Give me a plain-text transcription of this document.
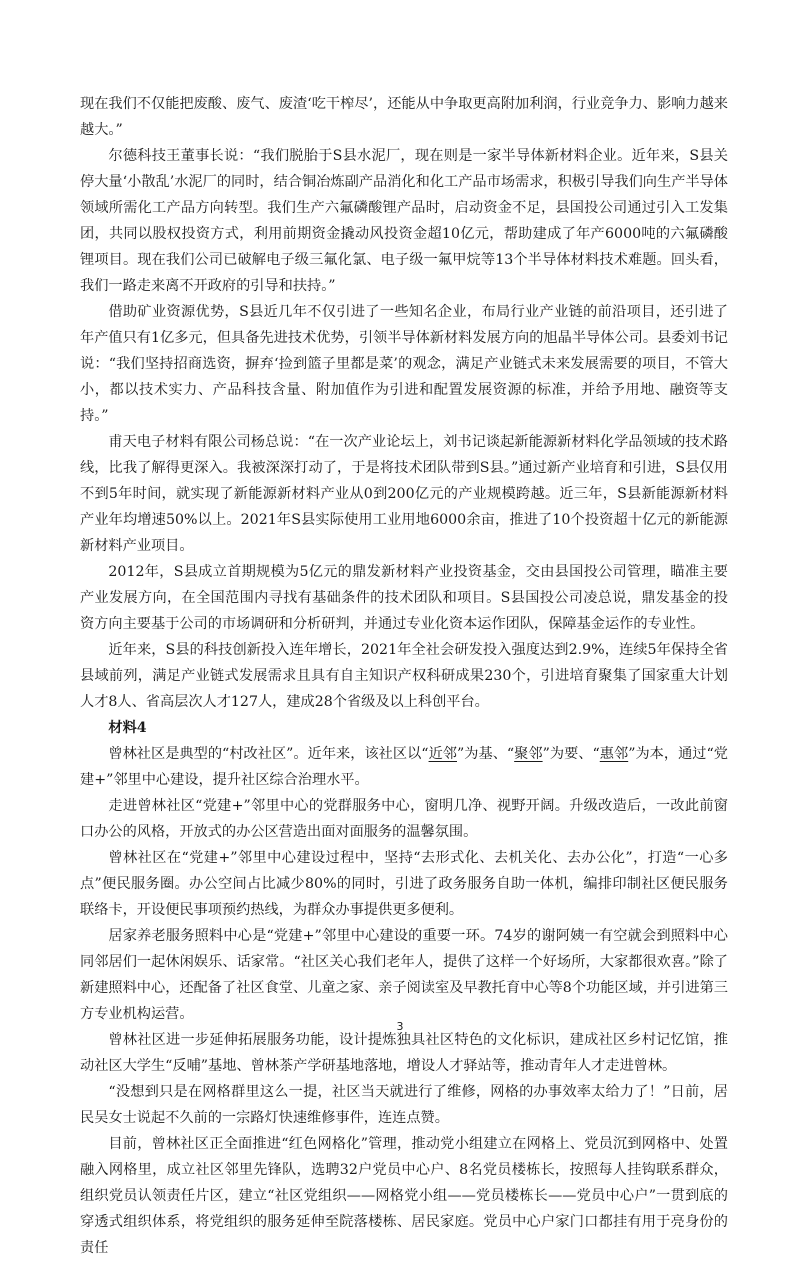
现在我们不仅能把废酸、废气、废渣‘吃干榨尽’，还能从中争取更高附加利润，行业竞争力、影响力越来越大。”

尔德科技王董事长说：“我们脱胎于S县水泥厂，现在则是一家半导体新材料企业。近年来，S县关停大量‘小散乱’水泥厂的同时，结合铜冶炼副产品消化和化工产品市场需求，积极引导我们向生产半导体领域所需化工产品方向转型。我们生产六氟磷酸锂产品时，启动资金不足，县国投公司通过引入工发集团，共同以股权投资方式，利用前期资金撬动风投资金超10亿元，帮助建成了年产6000吨的六氟磷酸锂项目。现在我们公司已破解电子级三氟化氯、电子级一氟甲烷等13个半导体材料技术难题。回头看，我们一路走来离不开政府的引导和扶持。”

借助矿业资源优势，S县近几年不仅引进了一些知名企业，布局行业产业链的前沿项目，还引进了年产值只有1亿多元，但具备先进技术优势，引领半导体新材料发展方向的旭晶半导体公司。县委刘书记说：“我们坚持招商选资，摒弃‘捡到篮子里都是菜’的观念，满足产业链式未来发展需要的项目，不管大小，都以技术实力、产品科技含量、附加值作为引进和配置发展资源的标准，并给予用地、融资等支持。”

甫天电子材料有限公司杨总说：“在一次产业论坛上，刘书记谈起新能源新材料化学品领域的技术路线，比我了解得更深入。我被深深打动了，于是将技术团队带到S县。”通过新产业培育和引进，S县仅用不到5年时间，就实现了新能源新材料产业从0到200亿元的产业规模跨越。近三年，S县新能源新材料产业年均增速50%以上。2021年S县实际使用工业用地6000余亩，推进了10个投资超十亿元的新能源新材料产业项目。

2012年，S县成立首期规模为5亿元的鼎发新材料产业投资基金，交由县国投公司管理，瞄准主要产业发展方向，在全国范围内寻找有基础条件的技术团队和项目。S县国投公司凌总说，鼎发基金的投资方向主要基于公司的市场调研和分析研判，并通过专业化资本运作团队，保障基金运作的专业性。

近年来，S县的科技创新投入连年增长，2021年全社会研发投入强度达到2.9%，连续5年保持全省县域前列，满足产业链式发展需求且具有自主知识产权科研成果230个，引进培育聚集了国家重大计划人才8人、省高层次人才127人，建成28个省级及以上科创平台。

材料4

曾林社区是典型的“村改社区”。近年来，该社区以“近邻”为基、“聚邻”为要、“惠邻”为本，通过“党建+”邻里中心建设，提升社区综合治理水平。

走进曾林社区“党建+”邻里中心的党群服务中心，窗明几净、视野开阔。升级改造后，一改此前窗口办公的风格，开放式的办公区营造出面对面服务的温馨氛围。

曾林社区在“党建+”邻里中心建设过程中，坚持“去形式化、去机关化、去办公化”，打造“一心多点”便民服务圈。办公空间占比减少80%的同时，引进了政务服务自助一体机，编排印制社区便民服务联络卡，开设便民事项预约热线，为群众办事提供更多便利。

居家养老服务照料中心是“党建+”邻里中心建设的重要一环。74岁的谢阿姨一有空就会到照料中心同邻居们一起休闲娱乐、话家常。“社区关心我们老年人，提供了这样一个好场所，大家都很欢喜。”除了新建照料中心，还配备了社区食堂、儿童之家、亲子阅读室及早教托育中心等8个功能区域，并引进第三方专业机构运营。

曾林社区进一步延伸拓展服务功能，设计提炼独具社区特色的文化标识，建成社区乡村记忆馆，推动社区大学生“反哺”基地、曾林茶产学研基地落地，增设人才驿站等，推动青年人才走进曾林。

“没想到只是在网格群里这么一提，社区当天就进行了维修，网格的办事效率太给力了！”日前，居民吴女士说起不久前的一宗路灯快速维修事件，连连点赞。

目前，曾林社区正全面推进“红色网格化”管理，推动党小组建立在网格上、党员沉到网格中、处置融入网格里，成立社区邻里先锋队，选聘32户党员中心户、8名党员楼栋长，按照每人挂钩联系群众，组织党员认领责任片区，建立“社区党组织——网格党小组——党员楼栋长——党员中心户”一贯到底的穿透式组织体系，将党组织的服务延伸至院落楼栋、居民家庭。党员中心户家门口都挂有用于亮身份的责任

3
